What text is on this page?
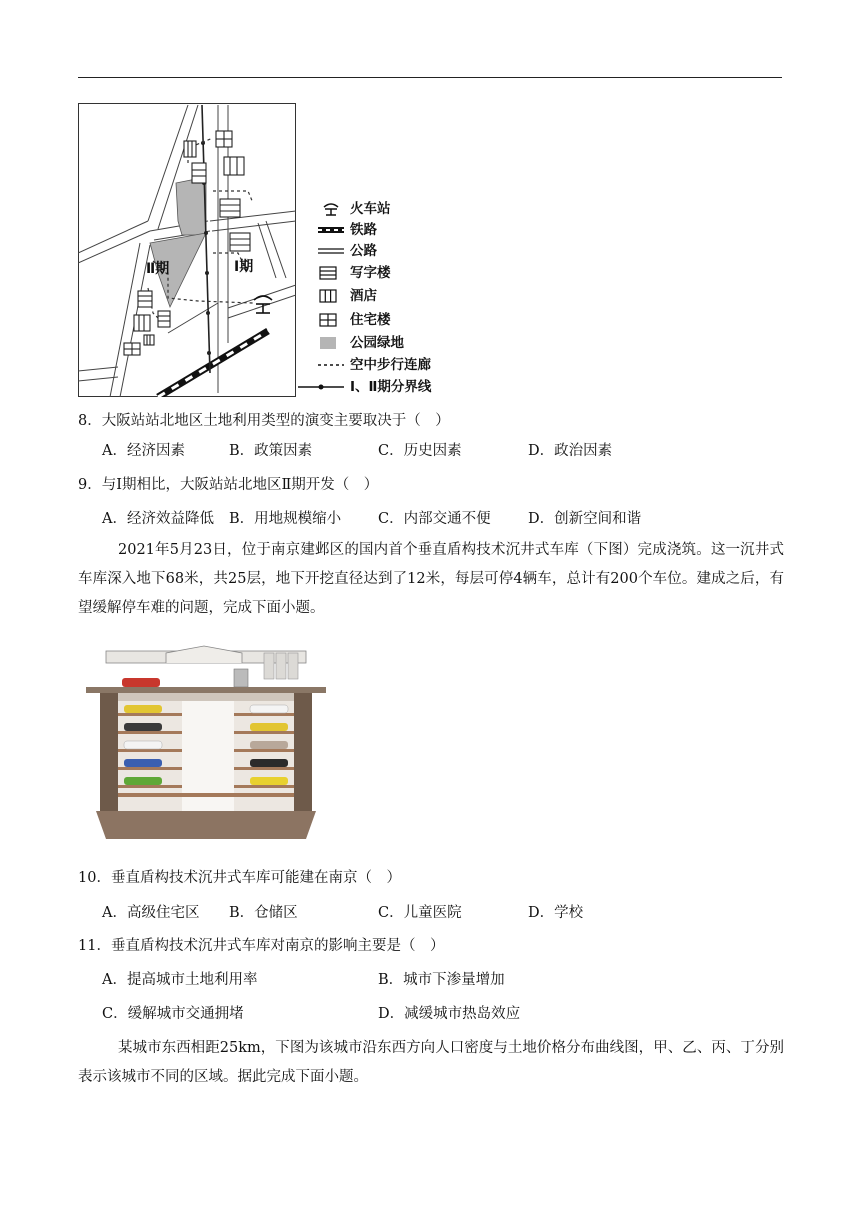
Ⅱ期	Ⅰ期
火车站
铁路
公路
写字楼
酒店
住宅楼
公园绿地
空中步行连廊
Ⅰ、Ⅱ期分界线
8．大阪站站北地区土地利用类型的演变主要取决于（　）
A．经济因素	B．政策因素	C．历史因素	D．政治因素
9．与Ⅰ期相比，大阪站站北地区Ⅱ期开发（　）
A．经济效益降低 B．用地规模缩小	C．内部交通不便	D．创新空间和谐
2021年5月23日，位于南京建邺区的国内首个垂直盾构技术沉井式车库（下图）完成浇筑。这一沉井式车库深入地下68米，共25层，地下开挖直径达到了12米，每层可停4辆车，总计有200个车位。建成之后，有望缓解停车难的问题，完成下面小题。
10．垂直盾构技术沉井式车库可能建在南京（　）
A．高级住宅区 B．仓储区	C．儿童医院	D．学校
11．垂直盾构技术沉井式车库对南京的影响主要是（　）
A．提高城市土地利用率	B．城市下渗量增加
C．缓解城市交通拥堵	D．减缓城市热岛效应
某城市东西相距25km，下图为该城市沿东西方向人口密度与土地价格分布曲线图，甲、乙、丙、丁分别表示该城市不同的区域。据此完成下面小题。
